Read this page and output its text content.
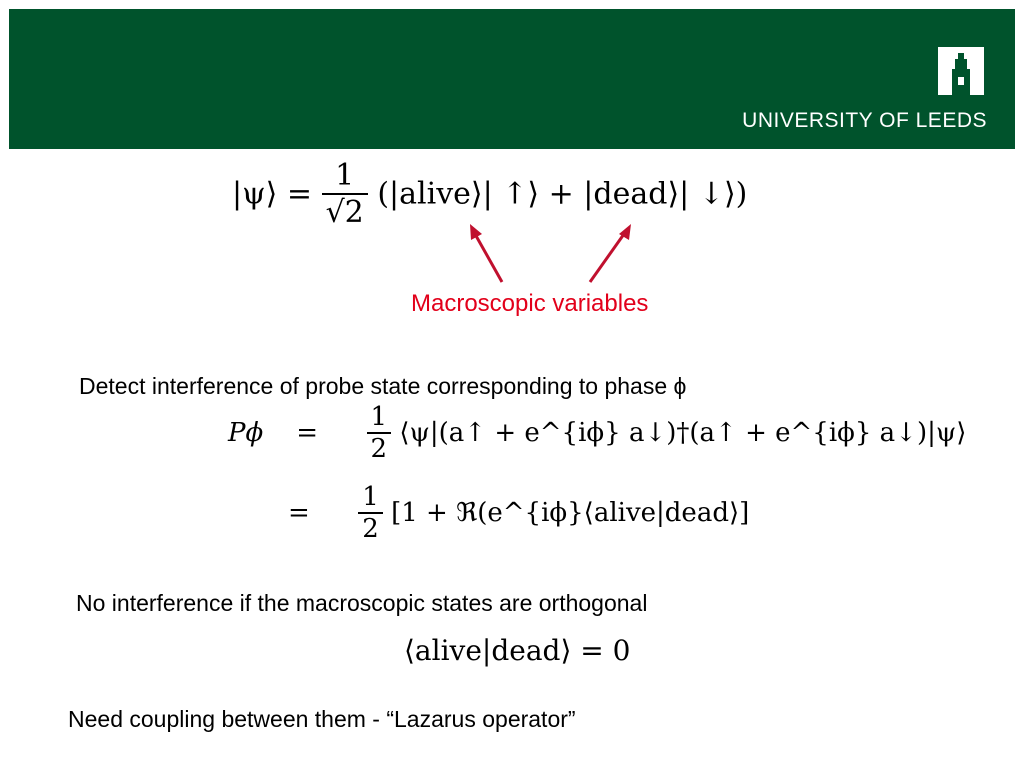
UNIVERSITY OF LEEDS
|ψ⟩ = $\frac{1}{√2}$ (|alive⟩| ↑⟩ + |dead⟩| ↓⟩)
Macroscopic variables
Detect interference of probe state corresponding to phase ϕ
$P\phi = \frac{1}{2}$ ⟨ψ|(a↑ + e^{iϕ} a↓)†(a↑ + e^{iϕ} a↓)|ψ⟩
= $\frac{1}{2} [1$ + ℜ(e^{iϕ}⟨alive|dead⟩]
No interference if the macroscopic states are orthogonal
⟨alive|dead⟩ = 0
Need coupling between them - “Lazarus operator”
